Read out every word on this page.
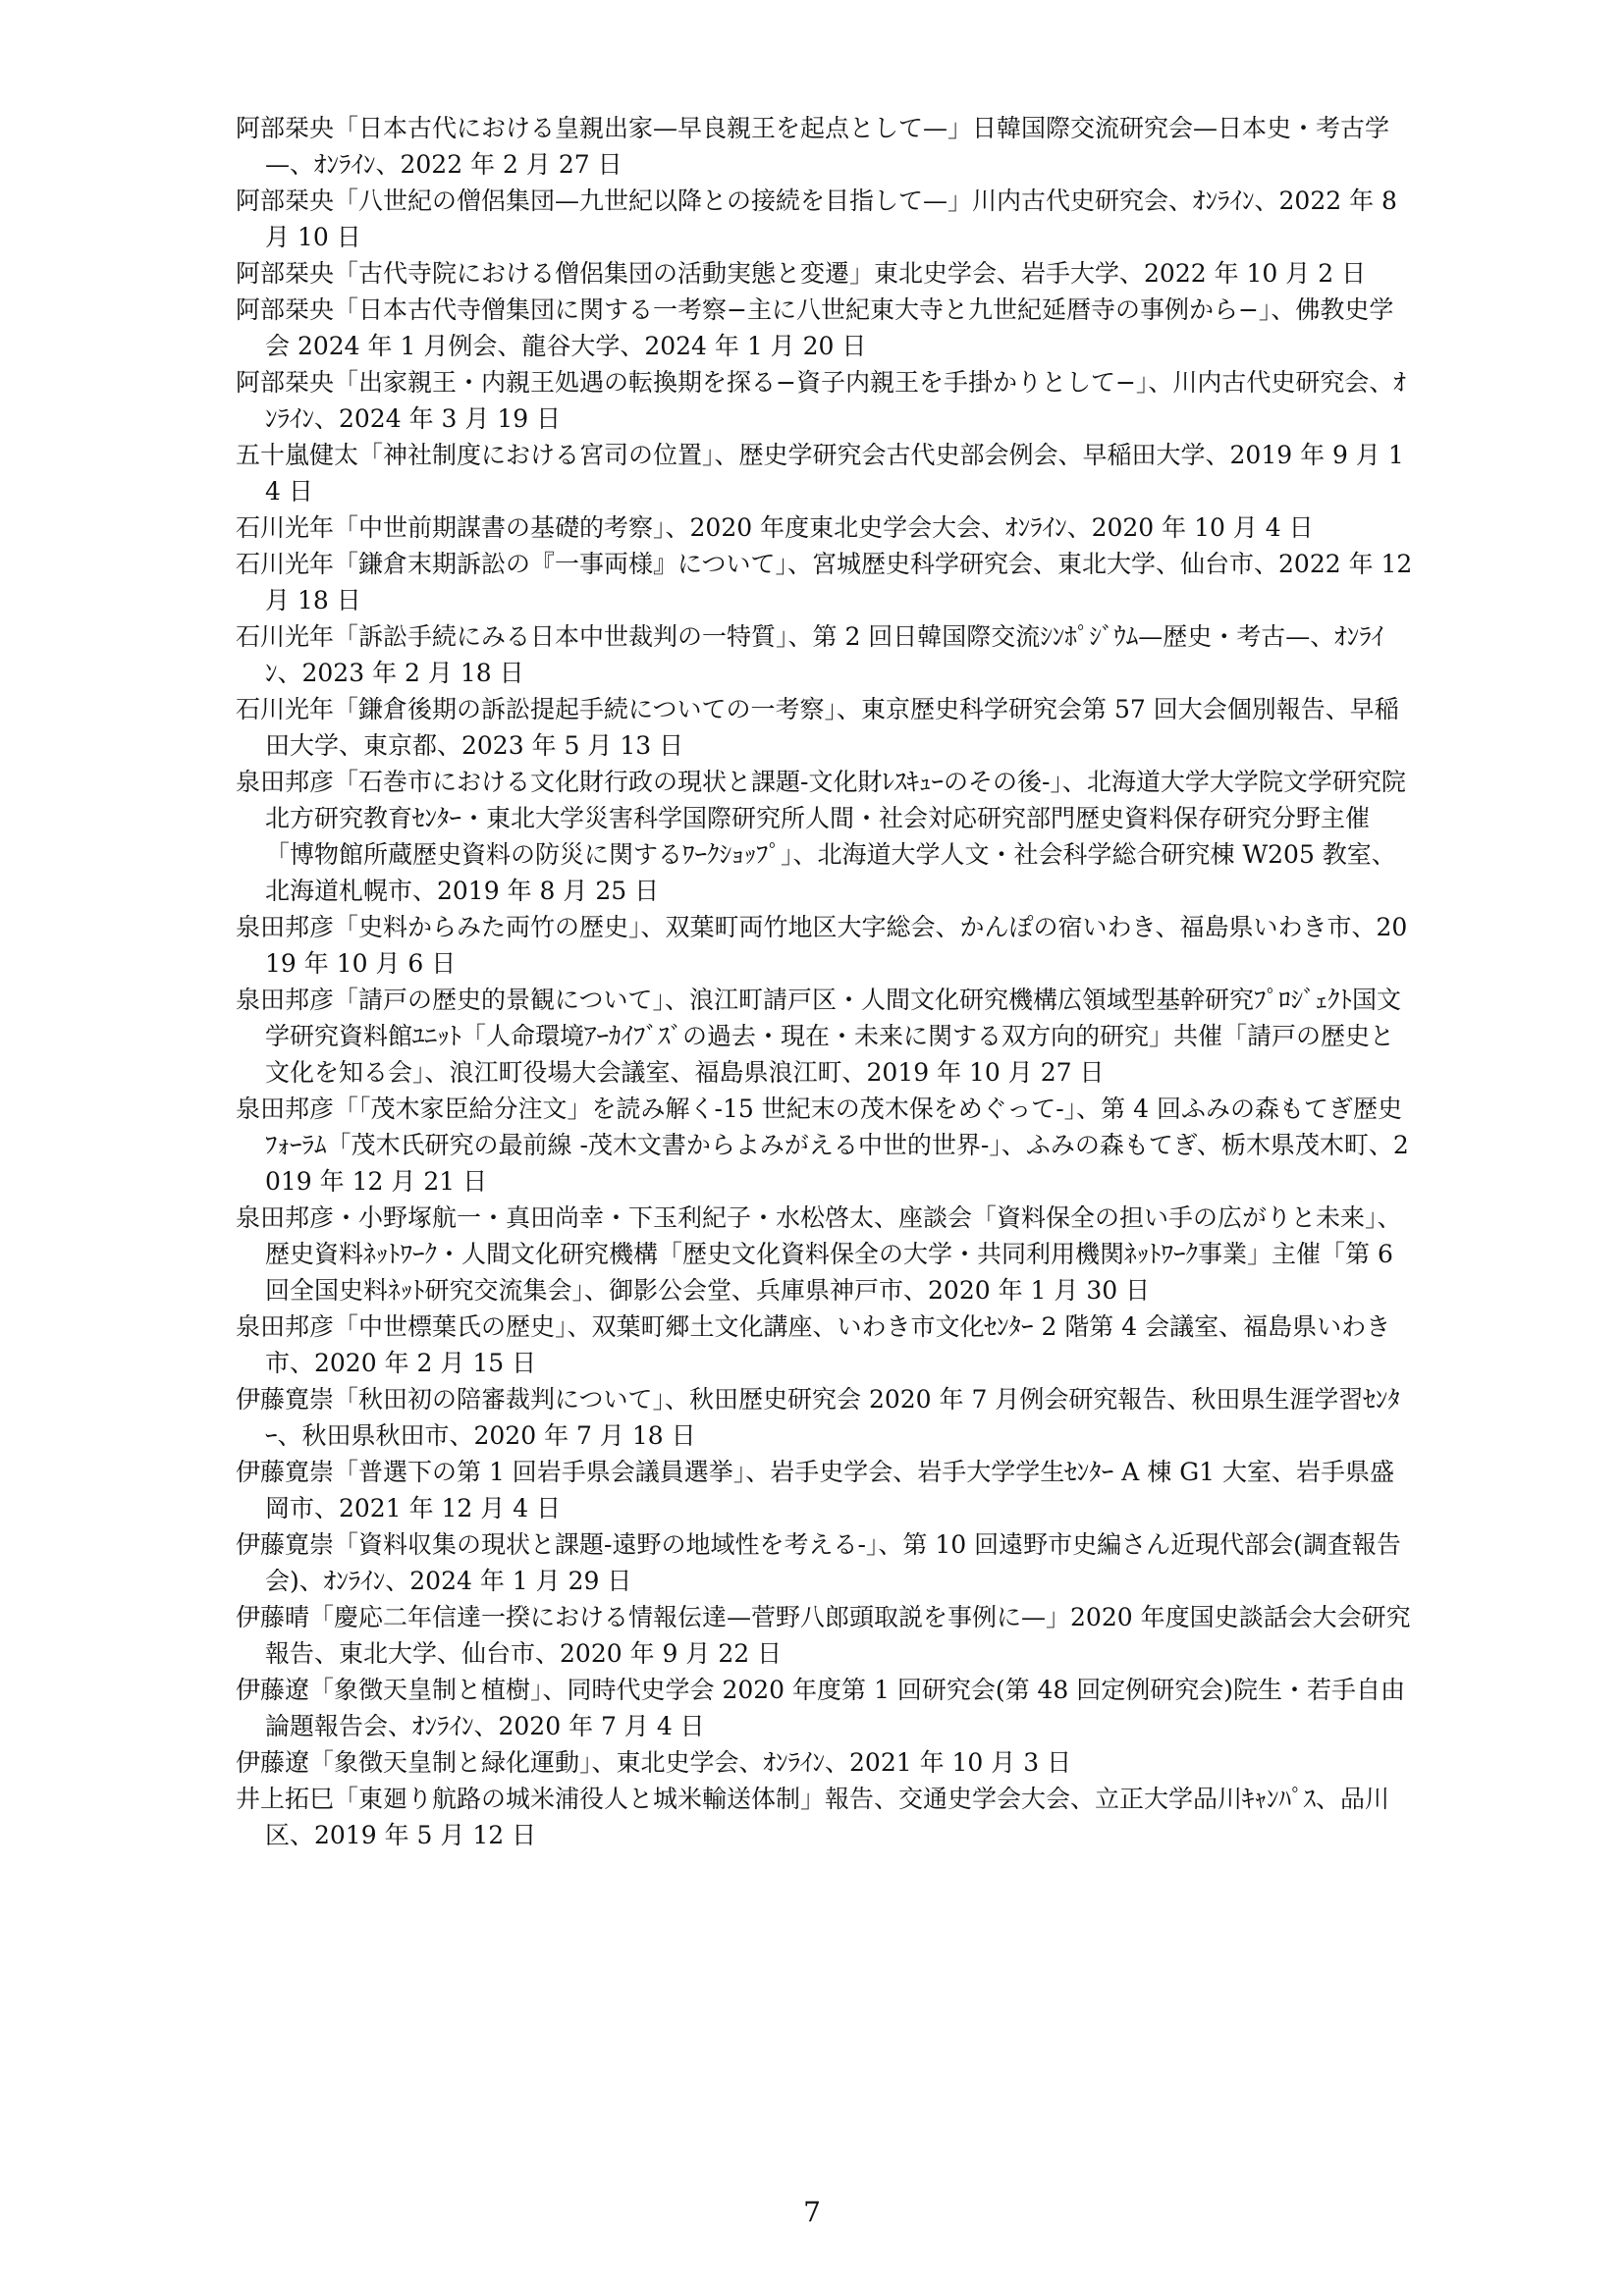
阿部栞央「日本古代における皇親出家—早良親王を起点として—」日韓国際交流研究会—日本史・考古学—、ｵﾝﾗｲﾝ、2022 年 2 月 27 日

阿部栞央「八世紀の僧侶集団—九世紀以降との接続を目指して—」川内古代史研究会、ｵﾝﾗｲﾝ、2022 年 8 月 10 日

阿部栞央「古代寺院における僧侶集団の活動実態と変遷」東北史学会、岩手大学、2022 年 10 月 2 日

阿部栞央「日本古代寺僧集団に関する一考察−主に八世紀東大寺と九世紀延暦寺の事例から−」、佛教史学会 2024 年 1 月例会、龍谷大学、2024 年 1 月 20 日

阿部栞央「出家親王・内親王処遇の転換期を探る−資子内親王を手掛かりとして−」、川内古代史研究会、ｵﾝﾗｲﾝ、2024 年 3 月 19 日

五十嵐健太「神社制度における宮司の位置」、歴史学研究会古代史部会例会、早稲田大学、2019 年 9 月 14 日

石川光年「中世前期謀書の基礎的考察」、2020 年度東北史学会大会、ｵﾝﾗｲﾝ、2020 年 10 月 4 日

石川光年「鎌倉末期訴訟の『一事両様』について」、宮城歴史科学研究会、東北大学、仙台市、2022 年 12 月 18 日

石川光年「訴訟手続にみる日本中世裁判の一特質」、第 2 回日韓国際交流ｼﾝﾎﾟｼﾞｳﾑ—歴史・考古—、ｵﾝﾗｲﾝ、2023 年 2 月 18 日

石川光年「鎌倉後期の訴訟提起手続についての一考察」、東京歴史科学研究会第 57 回大会個別報告、早稲田大学、東京都、2023 年 5 月 13 日

泉田邦彦「石巻市における文化財行政の現状と課題-文化財ﾚｽｷｭｰのその後-」、北海道大学大学院文学研究院北方研究教育ｾﾝﾀｰ・東北大学災害科学国際研究所人間・社会対応研究部門歴史資料保存研究分野主催「博物館所蔵歴史資料の防災に関するﾜｰｸｼｮｯﾌﾟ」、北海道大学人文・社会科学総合研究棟 W205 教室、北海道札幌市、2019 年 8 月 25 日

泉田邦彦「史料からみた両竹の歴史」、双葉町両竹地区大字総会、かんぽの宿いわき、福島県いわき市、2019 年 10 月 6 日

泉田邦彦「請戸の歴史的景観について」、浪江町請戸区・人間文化研究機構広領域型基幹研究ﾌﾟﾛｼﾞｪｸﾄ国文学研究資料館ﾕﾆｯﾄ「人命環境ｱｰｶｲﾌﾞｽﾞの過去・現在・未来に関する双方向的研究」共催「請戸の歴史と文化を知る会」、浪江町役場大会議室、福島県浪江町、2019 年 10 月 27 日

泉田邦彦「「茂木家臣給分注文」を読み解く-15 世紀末の茂木保をめぐって-」、第 4 回ふみの森もてぎ歴史ﾌｫｰﾗﾑ「茂木氏研究の最前線 -茂木文書からよみがえる中世的世界-」、ふみの森もてぎ、栃木県茂木町、2019 年 12 月 21 日

泉田邦彦・小野塚航一・真田尚幸・下玉利紀子・水松啓太、座談会「資料保全の担い手の広がりと未来」、歴史資料ﾈｯﾄﾜｰｸ・人間文化研究機構「歴史文化資料保全の大学・共同利用機関ﾈｯﾄﾜｰｸ事業」主催「第 6 回全国史料ﾈｯﾄ研究交流集会」、御影公会堂、兵庫県神戸市、2020 年 1 月 30 日

泉田邦彦「中世標葉氏の歴史」、双葉町郷土文化講座、いわき市文化ｾﾝﾀｰ 2 階第 4 会議室、福島県いわき市、2020 年 2 月 15 日

伊藤寛崇「秋田初の陪審裁判について」、秋田歴史研究会 2020 年 7 月例会研究報告、秋田県生涯学習ｾﾝﾀｰ、秋田県秋田市、2020 年 7 月 18 日

伊藤寛崇「普選下の第 1 回岩手県会議員選挙」、岩手史学会、岩手大学学生ｾﾝﾀｰ A 棟 G1 大室、岩手県盛岡市、2021 年 12 月 4 日

伊藤寛崇「資料収集の現状と課題-遠野の地域性を考える-」、第 10 回遠野市史編さん近現代部会(調査報告会)、ｵﾝﾗｲﾝ、2024 年 1 月 29 日

伊藤晴「慶応二年信達一揆における情報伝達—菅野八郎頭取説を事例に—」2020 年度国史談話会大会研究報告、東北大学、仙台市、2020 年 9 月 22 日

伊藤遼「象徴天皇制と植樹」、同時代史学会 2020 年度第 1 回研究会(第 48 回定例研究会)院生・若手自由論題報告会、ｵﾝﾗｲﾝ、2020 年 7 月 4 日

伊藤遼「象徴天皇制と緑化運動」、東北史学会、ｵﾝﾗｲﾝ、2021 年 10 月 3 日

井上拓巳「東廻り航路の城米浦役人と城米輸送体制」報告、交通史学会大会、立正大学品川ｷｬﾝﾊﾟｽ、品川区、2019 年 5 月 12 日

7
